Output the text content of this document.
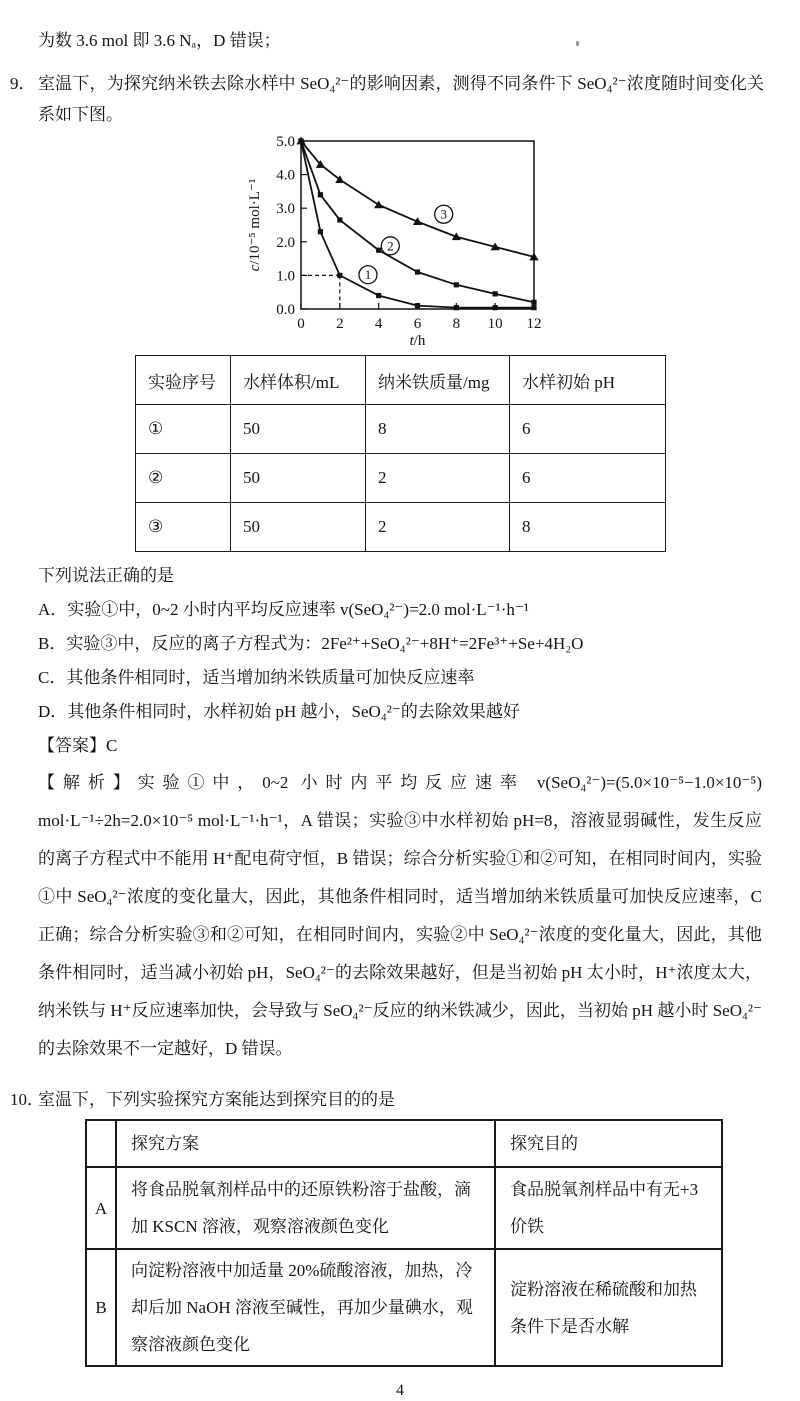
为数 3.6 mol 即 3.6 Nₐ，D 错误；

9． 室温下，为探究纳米铁去除水样中 SeO₄²⁻的影响因素，测得不同条件下 SeO₄²⁻浓度随时间变化关系如下图。
0 2 4 6 8 10 12
0.0
1.0
2.0
3.0
4.0
5.0
1
2
3
t/h
c/10⁻⁵ mol·L⁻¹
实验序号	水样体积/mL	纳米铁质量/mg	水样初始 pH
①	50	8	6
②	50	2	6
③	50	2	8

下列说法正确的是

A．实验①中，0~2 小时内平均反应速率 v(SeO₄²⁻)=2.0 mol·L⁻¹·h⁻¹

B．实验③中，反应的离子方程式为：2Fe²⁺+SeO₄²⁻+8H⁺=2Fe³⁺+Se+4H₂O

C．其他条件相同时，适当增加纳米铁质量可加快反应速率

D．其他条件相同时，水样初始 pH 越小，SeO₄²⁻的去除效果越好

【答案】C

【解析】实验①中，0~2 小时内平均反应速率 v(SeO₄²⁻)=(5.0×10⁻⁵−1.0×10⁻⁵) mol·L⁻¹÷2h=2.0×10⁻⁵ mol·L⁻¹·h⁻¹，A 错误；实验③中水样初始 pH=8，溶液显弱碱性，发生反应的离子方程式中不能用 H⁺配电荷守恒，B 错误；综合分析实验①和②可知，在相同时间内，实验①中 SeO₄²⁻浓度的变化量大，因此，其他条件相同时，适当增加纳米铁质量可加快反应速率，C 正确；综合分析实验③和②可知，在相同时间内，实验②中 SeO₄²⁻浓度的变化量大，因此，其他条件相同时，适当减小初始 pH，SeO₄²⁻的去除效果越好，但是当初始 pH 太小时，H⁺浓度太大，纳米铁与 H⁺反应速率加快，会导致与 SeO₄²⁻反应的纳米铁减少，因此，当初始 pH 越小时 SeO₄²⁻的去除效果不一定越好，D 错误。

10．
室温下，下列实验探究方案能达到探究目的的是
	探究方案	探究目的
A	将食品脱氧剂样品中的还原铁粉溶于盐酸，滴加 KSCN 溶液，观察溶液颜色变化	食品脱氧剂样品中有无+3 价铁
B	向淀粉溶液中加适量 20%硫酸溶液，加热，冷却后加 NaOH 溶液至碱性，再加少量碘水，观察溶液颜色变化	淀粉溶液在稀硫酸和加热条件下是否水解

4
